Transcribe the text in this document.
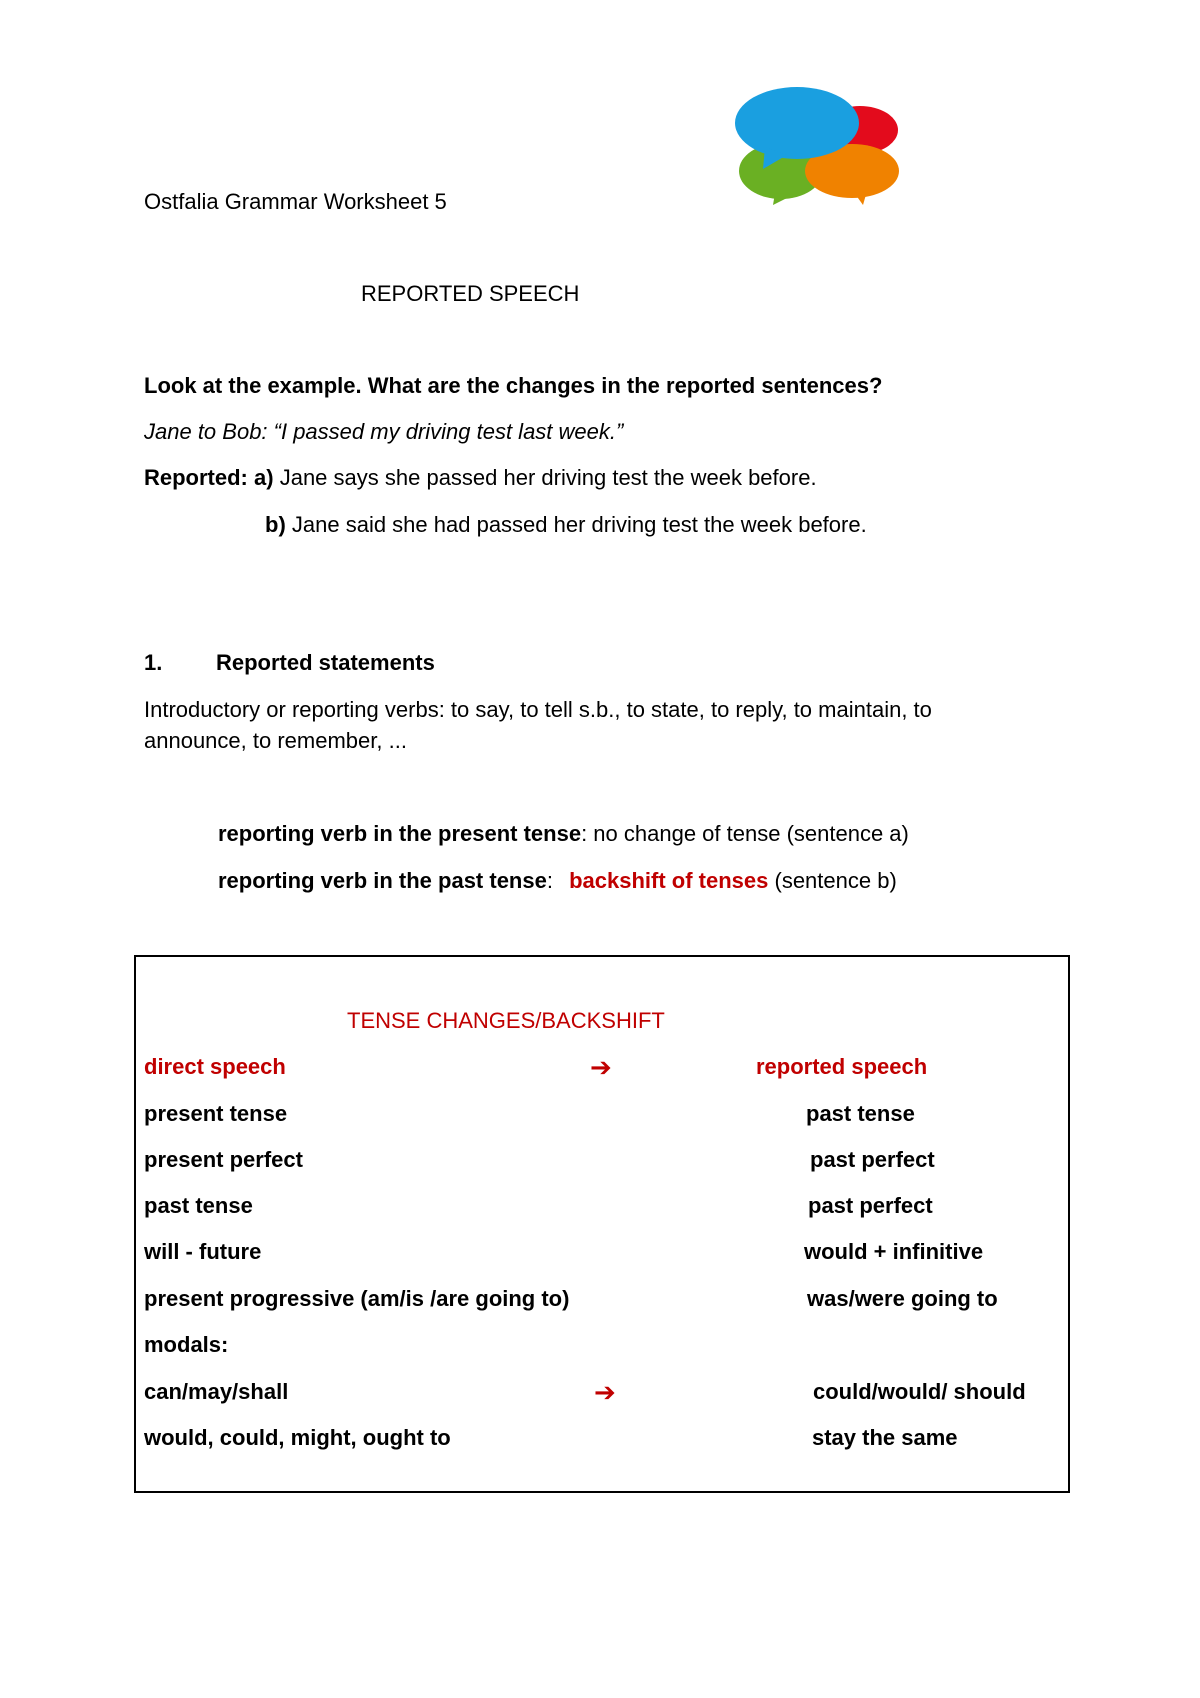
Ostfalia Grammar Worksheet 5
REPORTED SPEECH
Look at the example. What are the changes in the reported sentences?
Jane to Bob: “I passed my driving test last week.”
Reported: a) Jane says she passed her driving test the week before.
b) Jane said she had passed her driving test the week before.
1. Reported statements
Introductory or reporting verbs: to say, to tell s.b., to state, to reply, to maintain, to
announce, to remember, ...
reporting verb in the present tense: no change of tense (sentence a)
reporting verb in the past tense: backshift of tenses (sentence b)
TENSE CHANGES/BACKSHIFT
direct speech	➔	reported speech
present tense	past tense
present perfect	past perfect
past tense	past perfect
will - future	would + infinitive
present progressive (am/is /are going to)	was/were going to
modals:
can/may/shall	➔	could/would/ should
would, could, might, ought to	stay the same
